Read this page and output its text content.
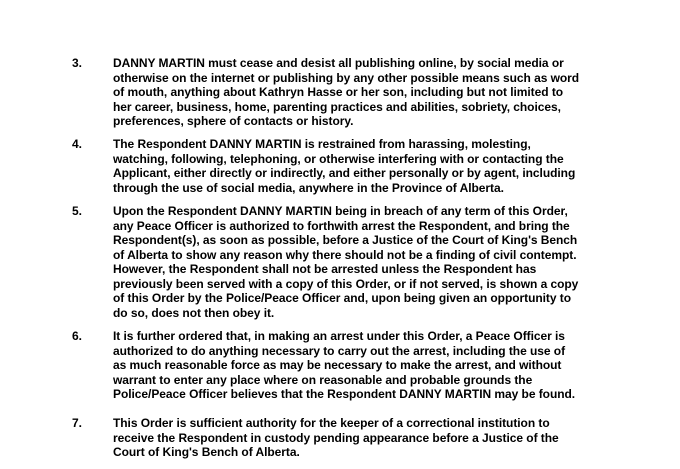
3.	DANNY MARTIN must cease and desist all publishing online, by social media or
otherwise on the internet or publishing by any other possible means such as word
of mouth, anything about Kathryn Hasse or her son, including but not limited to
her career, business, home, parenting practices and abilities, sobriety, choices,
preferences, sphere of contacts or history.
4.	The Respondent DANNY MARTIN is restrained from harassing, molesting,
watching, following, telephoning, or otherwise interfering with or contacting the
Applicant, either directly or indirectly, and either personally or by agent, including
through the use of social media, anywhere in the Province of Alberta.
5.	Upon the Respondent DANNY MARTIN being in breach of any term of this Order,
any Peace Officer is authorized to forthwith arrest the Respondent, and bring the
Respondent(s), as soon as possible, before a Justice of the Court of King's Bench
of Alberta to show any reason why there should not be a finding of civil contempt.
However, the Respondent shall not be arrested unless the Respondent has
previously been served with a copy of this Order, or if not served, is shown a copy
of this Order by the Police/Peace Officer and, upon being given an opportunity to
do so, does not then obey it.
6.	It is further ordered that, in making an arrest under this Order, a Peace Officer is
authorized to do anything necessary to carry out the arrest, including the use of
as much reasonable force as may be necessary to make the arrest, and without
warrant to enter any place where on reasonable and probable grounds the
Police/Peace Officer believes that the Respondent DANNY MARTIN may be found.
7.	This Order is sufficient authority for the keeper of a correctional institution to
receive the Respondent in custody pending appearance before a Justice of the
Court of King's Bench of Alberta.
